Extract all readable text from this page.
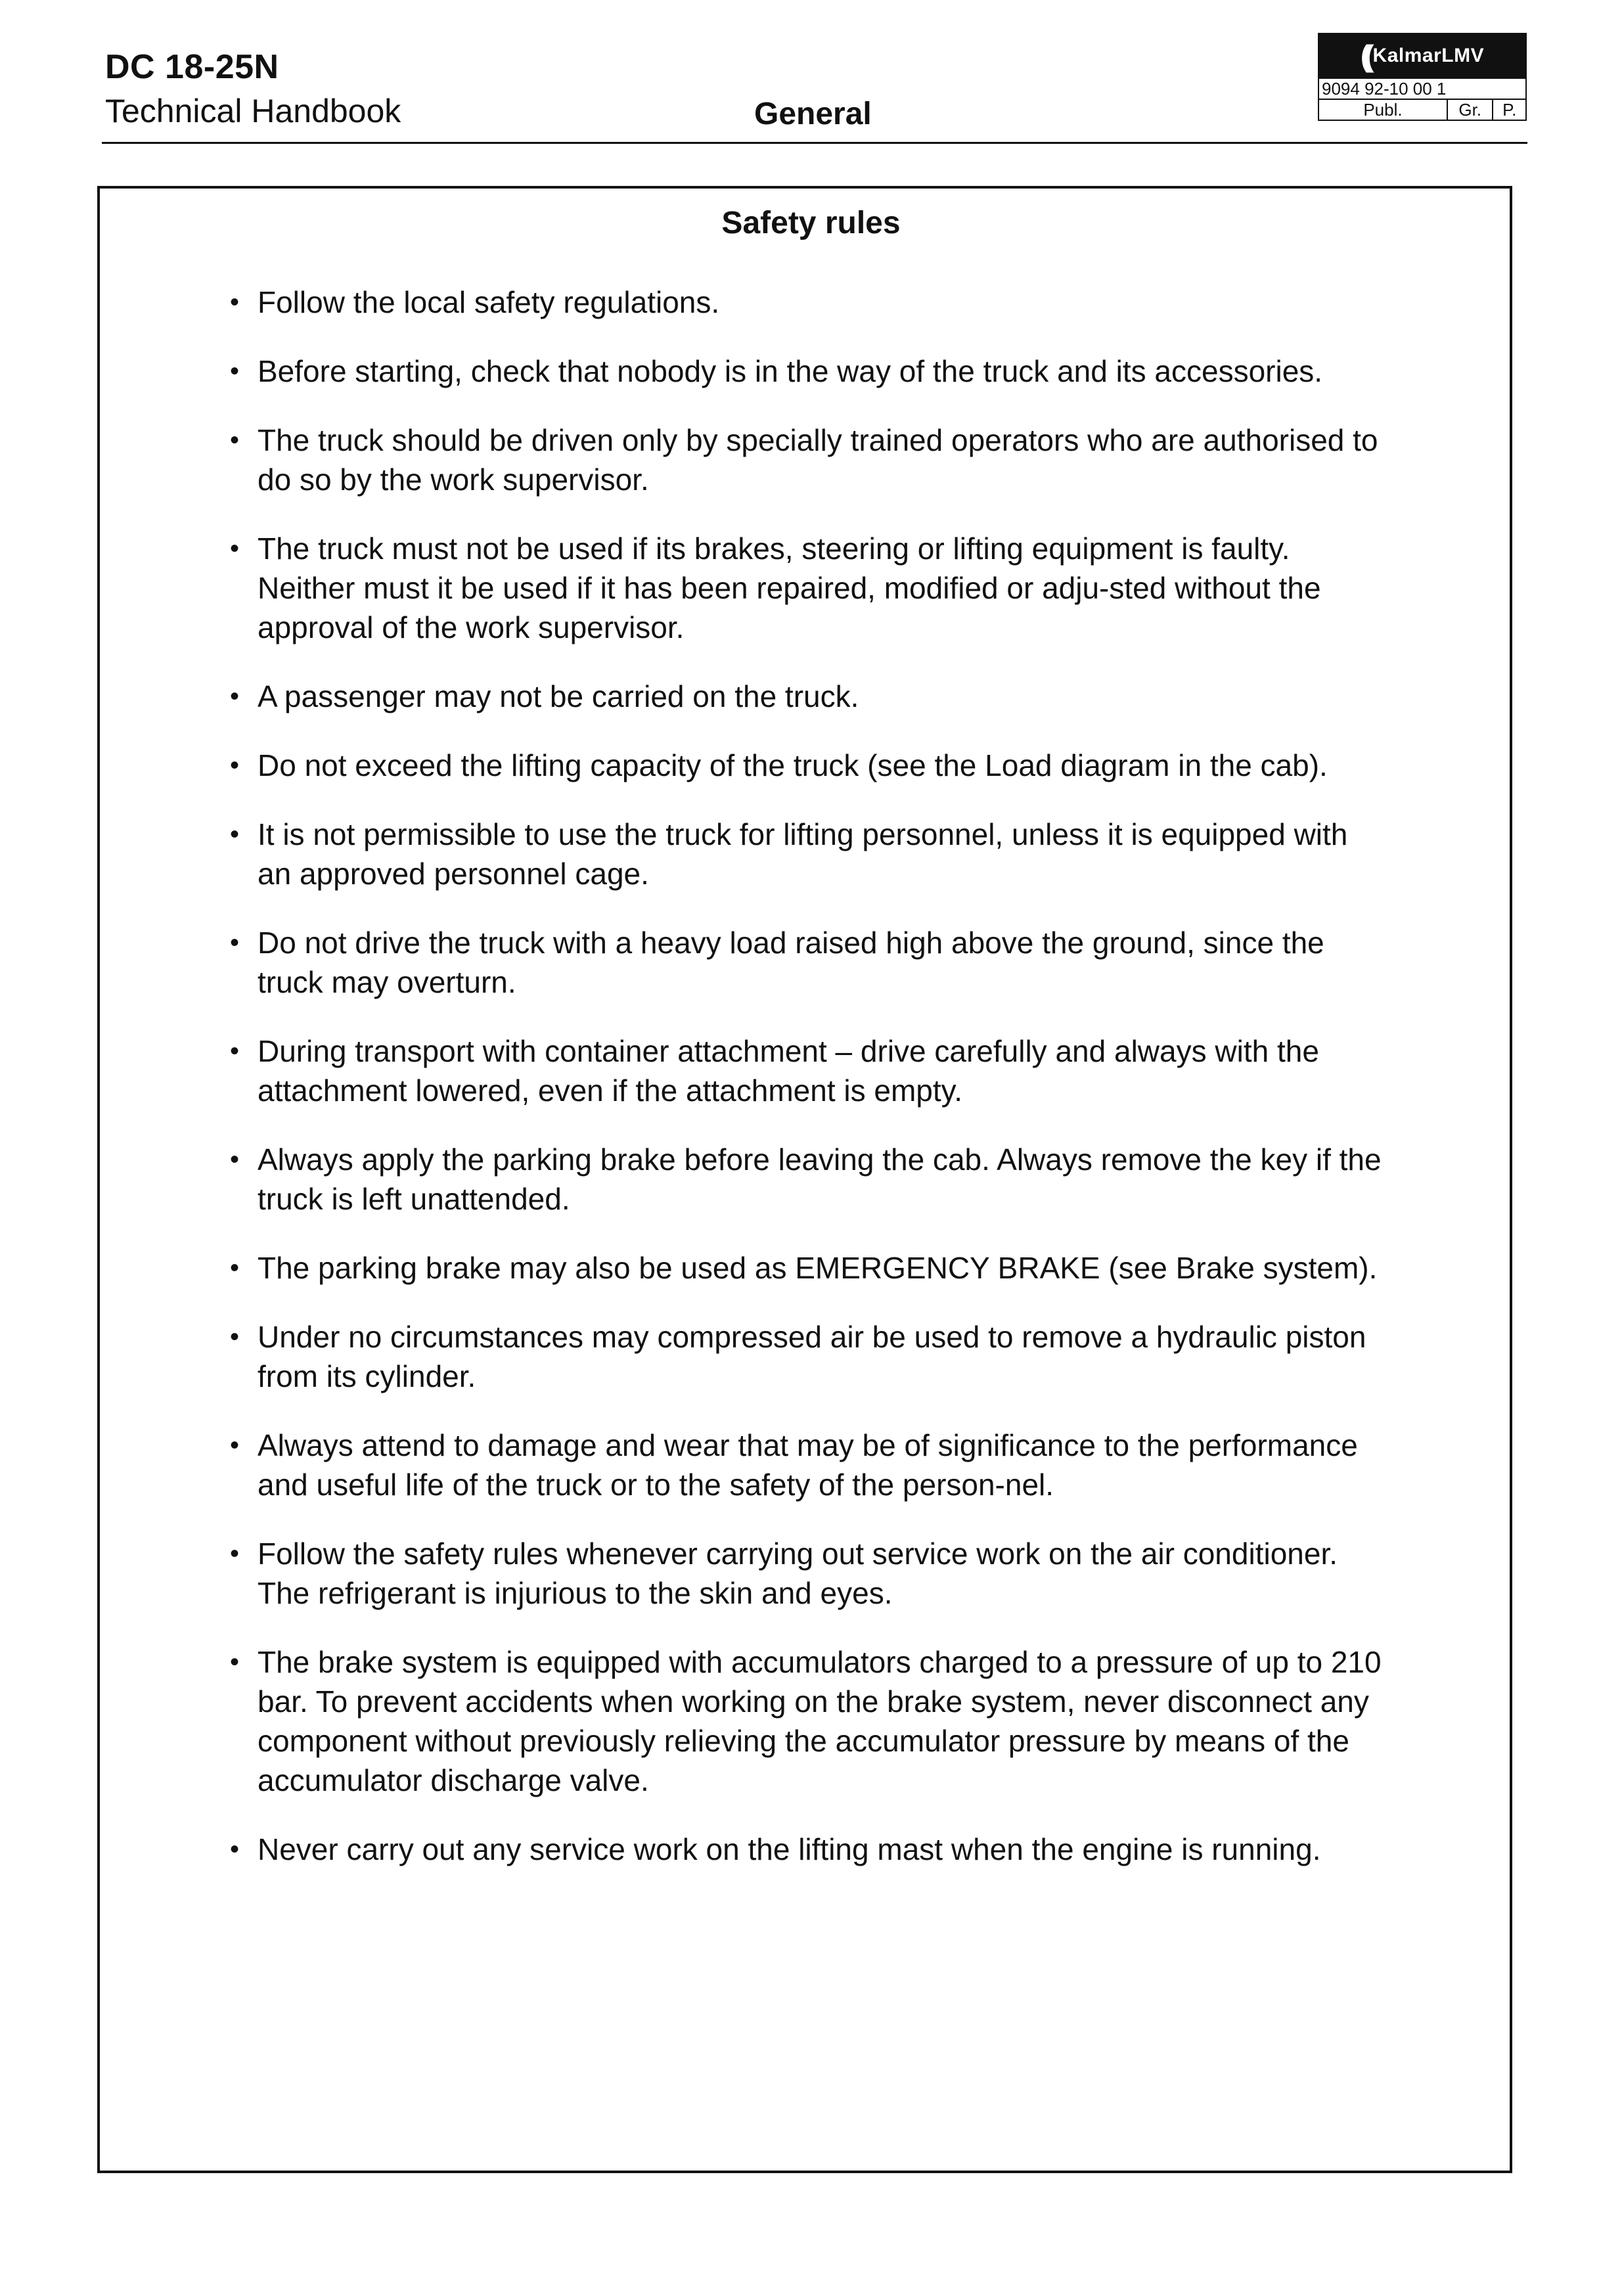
DC 18-25N
Technical Handbook	General
(( KalmarLMV
9094 92-10 00 1
Publ.	Gr.	P.
Safety rules
• Follow the local safety regulations.
• Before starting, check that nobody is in the way of the truck and its accessories.
• The truck should be driven only by specially trained operators who are authorised to do so by the work supervisor.
• The truck must not be used if its brakes, steering or lifting equipment is faulty. Neither must it be used if it has been repaired, modified or adju-sted without the approval of the work supervisor.
• A passenger may not be carried on the truck.
• Do not exceed the lifting capacity of the truck (see the Load diagram in the cab).
• It is not permissible to use the truck for lifting personnel, unless it is equipped with an approved personnel cage.
• Do not drive the truck with a heavy load raised high above the ground, since the truck may overturn.
• During transport with container attachment – drive carefully and always with the attachment lowered, even if the attachment is empty.
• Always apply the parking brake before leaving the cab. Always remove the key if the truck is left unattended.
• The parking brake may also be used as EMERGENCY BRAKE (see Brake system).
• Under no circumstances may compressed air be used to remove a hydraulic piston from its cylinder.
• Always attend to damage and wear that may be of significance to the performance and useful life of the truck or to the safety of the person-nel.
• Follow the safety rules whenever carrying out service work on the air conditioner. The refrigerant is injurious to the skin and eyes.
• The brake system is equipped with accumulators charged to a pressure of up to 210 bar. To prevent accidents when working on the brake system, never disconnect any component without previously relieving the accumulator pressure by means of the accumulator discharge valve.
• Never carry out any service work on the lifting mast when the engine is running.
